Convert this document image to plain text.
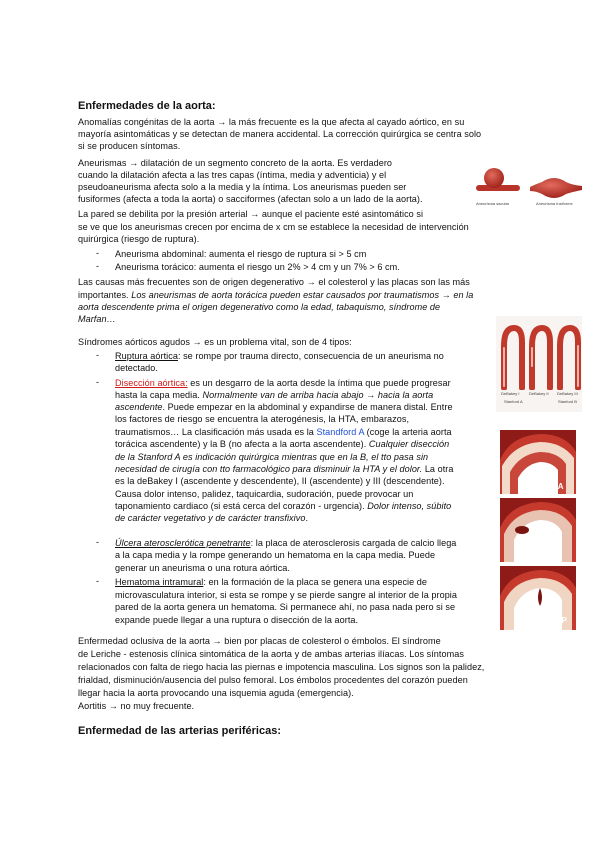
Enfermedades de la aorta:
Anomalías congénitas de la aorta → la más frecuente es la que afecta al cayado aórtico, en su
mayoría asintomáticas y se detectan de manera accidental. La corrección quirúrgica se centra solo
si se producen síntomas.
Aneurismas → dilatación de un segmento concreto de la aorta. Es verdadero
cuando la dilatación afecta a las tres capas (íntima, media y adventicia) y el
pseudoaneurisma afecta solo a la media y la íntima. Los aneurismas pueden ser
fusiformes (afecta a toda la aorta) o sacciformes (afectan solo a un lado de la aorta).
La pared se debilita por la presión arterial → aunque el paciente esté asintomático si
se ve que los aneurismas crecen por encima de x cm se establece la necesidad de intervención
quirúrgica (riesgo de ruptura).
- Aneurisma abdominal: aumenta el riesgo de ruptura si > 5 cm
- Aneurisma torácico: aumenta el riesgo un 2% > 4 cm y un 7% > 6 cm.
Las causas más frecuentes son de origen degenerativo → el colesterol y las placas son las más
importantes. Los aneurismas de aorta torácica pueden estar causados por traumatismos → en la
aorta descendente prima el origen degenerativo como la edad, tabaquismo, síndrome de
Marfan…
Síndromes aórticos agudos → es un problema vital, son de 4 tipos:
- Ruptura aórtica: se rompe por trauma directo, consecuencia de un aneurisma no
detectado.
- Disección aórtica: es un desgarro de la aorta desde la íntima que puede progresar
hasta la capa media. Normalmente van de arriba hacia abajo → hacia la aorta
ascendente. Puede empezar en la abdominal y expandirse de manera distal. Entre
los factores de riesgo se encuentra la aterogénesis, la HTA, embarazos,
traumatismos… La clasificación más usada es la Standford A (coge la arteria aorta
torácica ascendente) y la B (no afecta a la aorta ascendente). Cualquier disección
de la Stanford A es indicación quirúrgica mientras que en la B, el tto pasa sin
necesidad de cirugía con tto farmacológico para disminuir la HTA y el dolor. La otra
es la deBakey I (ascendente y descendente), II (ascendente) y III (descendente).
Causa dolor intenso, palidez, taquicardia, sudoración, puede provocar un
taponamiento cardiaco (si está cerca del corazón - urgencia). Dolor intenso, súbito
de carácter vegetativo y de carácter transfixivo.
- Úlcera aterosclerótica penetrante: la placa de aterosclerosis cargada de calcio llega
a la capa media y la rompe generando un hematoma en la capa media. Puede
generar un aneurisma o una rotura aórtica.
- Hematoma intramural: en la formación de la placa se genera una especie de
microvasculatura interior, si esta se rompe y se pierde sangre al interior de la propia
pared de la aorta genera un hematoma. Si permanece ahí, no pasa nada pero si se
expande puede llegar a una ruptura o disección de la aorta.
Enfermedad oclusiva de la aorta → bien por placas de colesterol o émbolos. El síndrome
de Leriche - estenosis clínica sintomática de la aorta y de ambas arterias ilíacas. Los síntomas
relacionados con falta de riego hacia las piernas e impotencia masculina. Los signos son la palidez,
frialdad, disminución/ausencia del pulso femoral. Los émbolos procedentes del corazón pueden
llegar hacia la aorta provocando una isquemia aguda (emergencia).
Aortitis → no muy frecuente.
Enfermedad de las arterias periféricas:
Aneurisma sacular	Aneurisma fusiforme
DeBakey I DeBakey II DeBakey III
Stanford A	Stanford B
DA
HI
UAP
